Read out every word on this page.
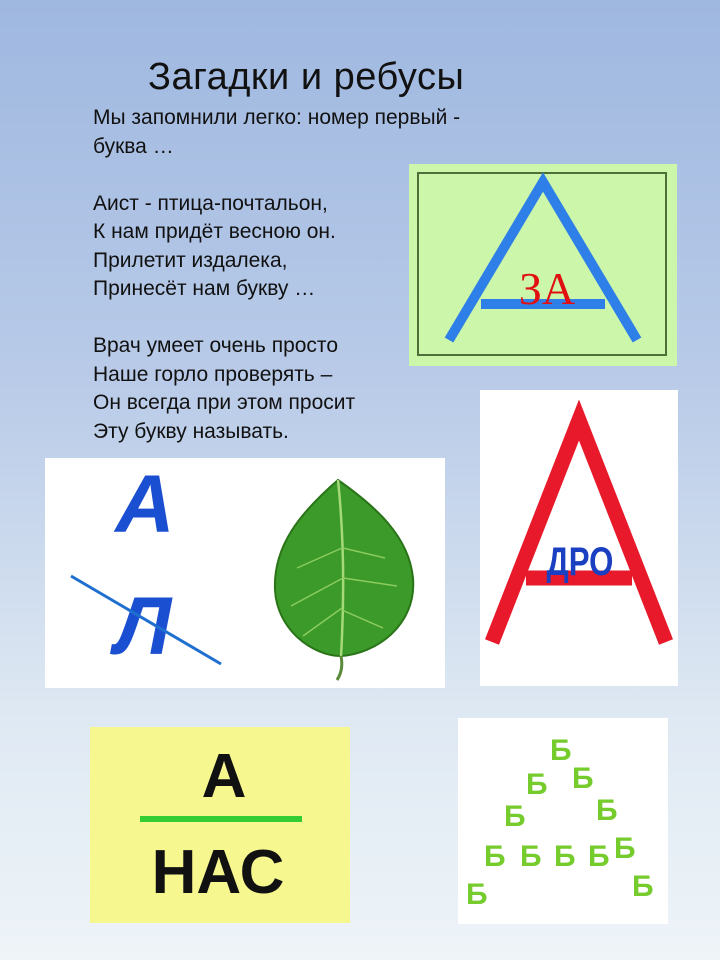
Загадки и ребусы
Мы запомнили легко: номер первый -
буква …
Аист - птица-почтальон,
К нам придёт весною он.
Прилетит издалека,
Принесёт нам букву …
Врач умеет очень просто
Наше горло проверять –
Он всегда при этом просит
Эту букву называть.
ЗА
ДРО
А
Л
А
НАС
Б
Б Б
Б Б
Б Б Б Б Б
Б	Б
